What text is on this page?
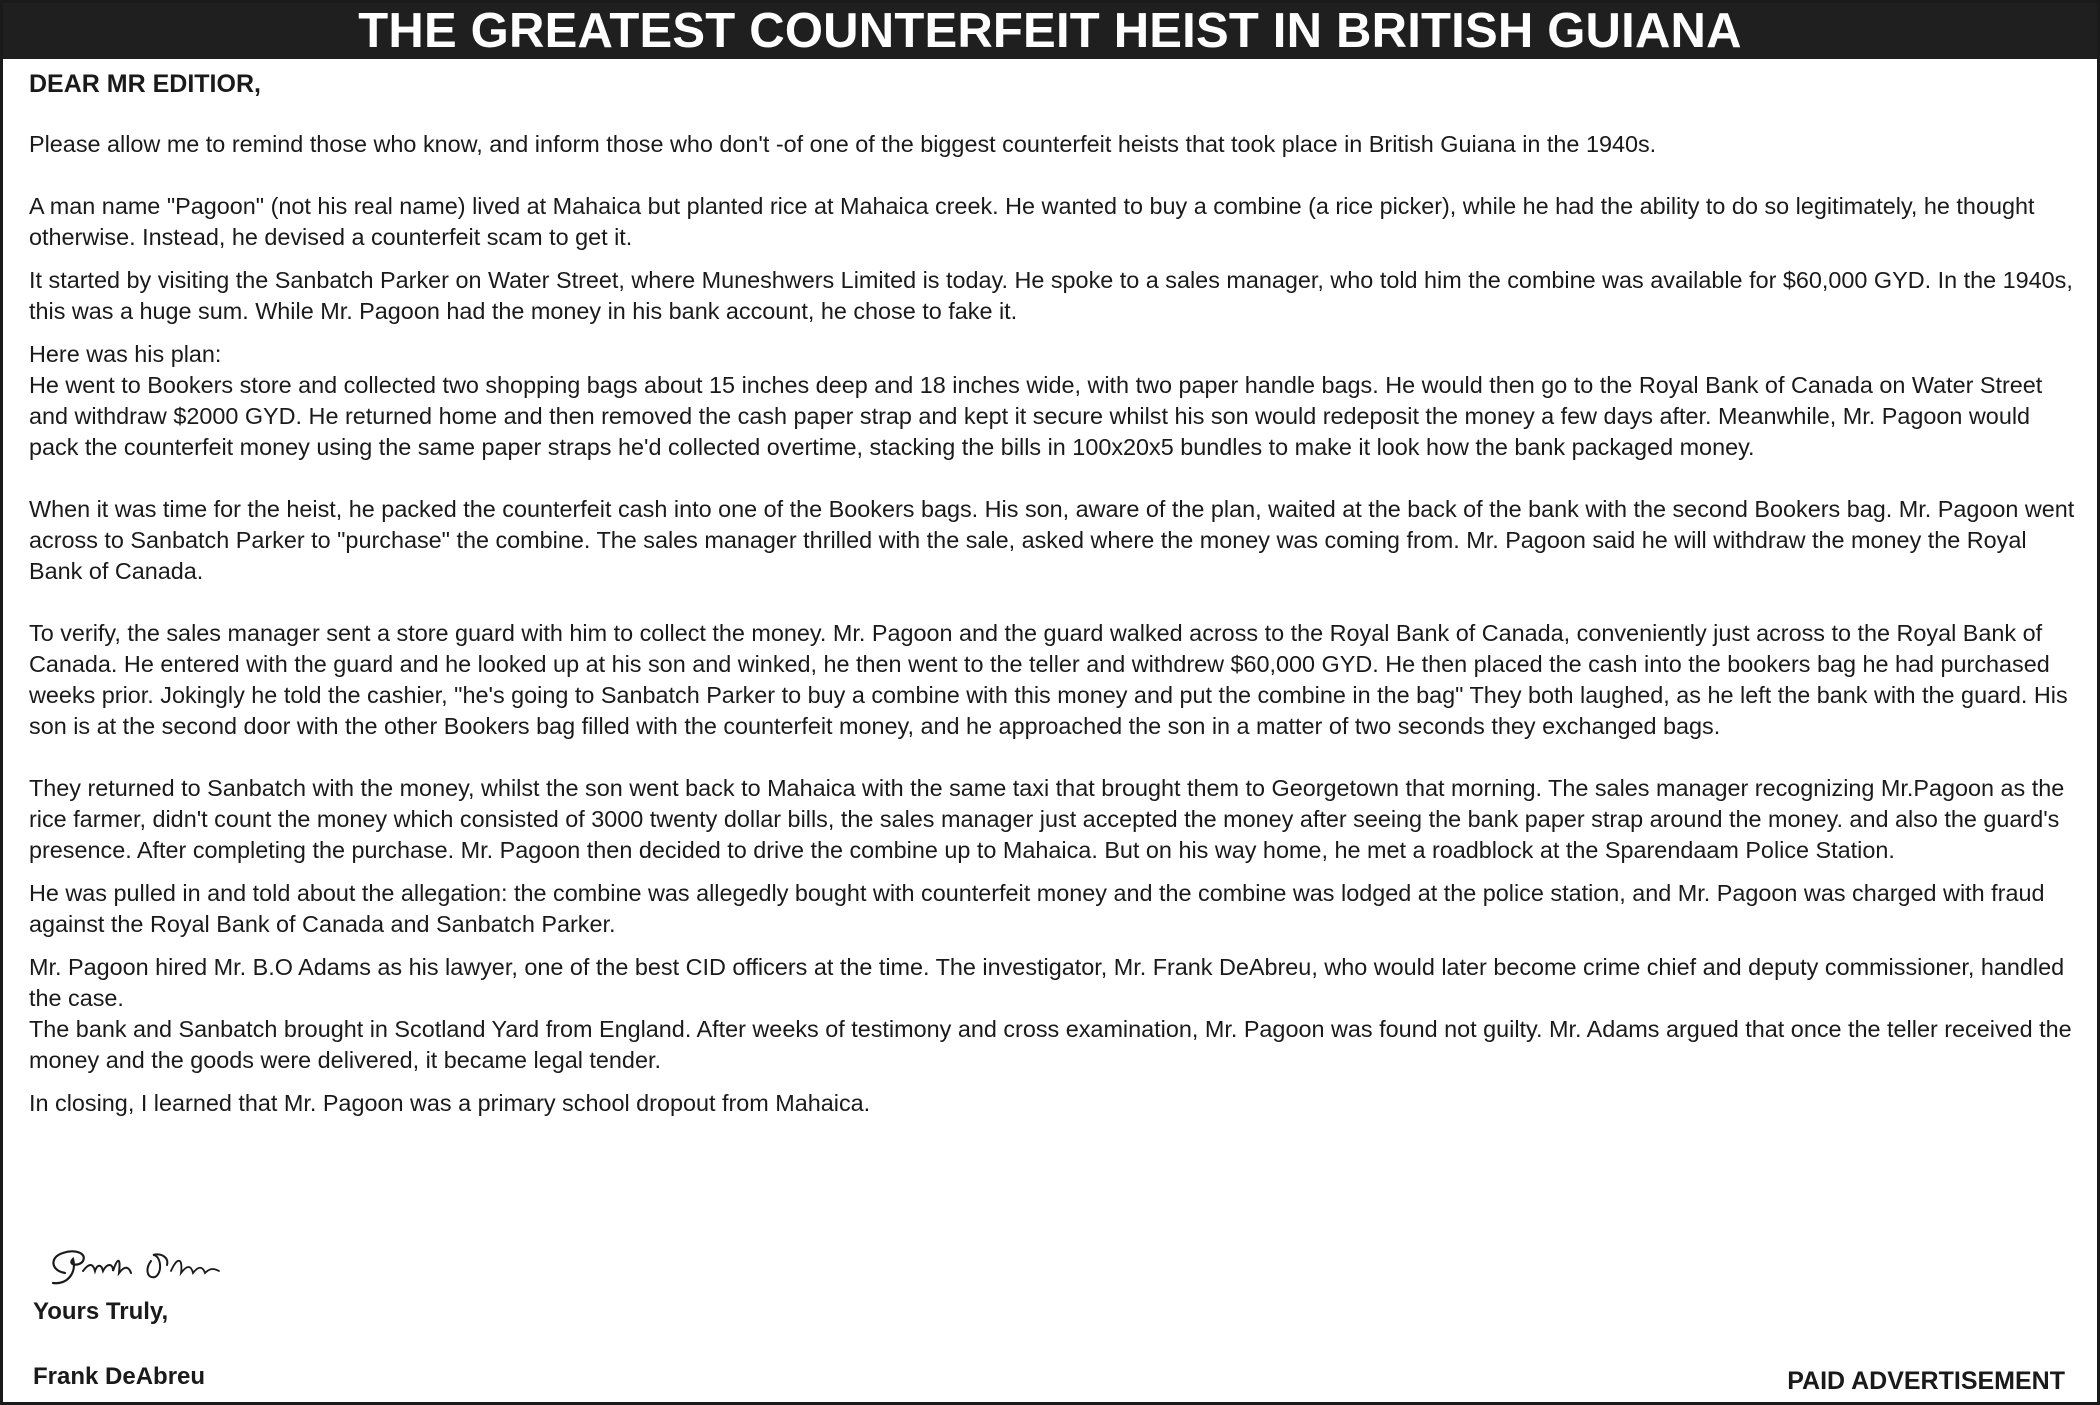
THE GREATEST COUNTERFEIT HEIST IN BRITISH GUIANA

DEAR MR EDITIOR,

Please allow me to remind those who know, and inform those who don't -of one of the biggest counterfeit heists that took place in British Guiana in the 1940s.

A man name "Pagoon" (not his real name) lived at Mahaica but planted rice at Mahaica creek. He wanted to buy a combine (a rice picker), while he had the ability to do so legitimately, he thought otherwise. Instead, he devised a counterfeit scam to get it.

It started by visiting the Sanbatch Parker on Water Street, where Muneshwers Limited is today. He spoke to a sales manager, who told him the combine was available for $60,000 GYD. In the 1940s, this was a huge sum. While Mr. Pagoon had the money in his bank account, he chose to fake it.

Here was his plan:

He went to Bookers store and collected two shopping bags about 15 inches deep and 18 inches wide, with two paper handle bags. He would then go to the Royal Bank of Canada on Water Street and withdraw $2000 GYD. He returned home and then removed the cash paper strap and kept it secure whilst his son would redeposit the money a few days after. Meanwhile, Mr. Pagoon would pack the counterfeit money using the same paper straps he'd collected overtime, stacking the bills in 100x20x5 bundles to make it look how the bank packaged money.

When it was time for the heist, he packed the counterfeit cash into one of the Bookers bags. His son, aware of the plan, waited at the back of the bank with the second Bookers bag. Mr. Pagoon went across to Sanbatch Parker to "purchase" the combine. The sales manager thrilled with the sale, asked where the money was coming from. Mr. Pagoon said he will withdraw the money the Royal Bank of Canada.

To verify, the sales manager sent a store guard with him to collect the money. Mr. Pagoon and the guard walked across to the Royal Bank of Canada, conveniently just across to the Royal Bank of Canada. He entered with the guard and he looked up at his son and winked, he then went to the teller and withdrew $60,000 GYD. He then placed the cash into the bookers bag he had purchased weeks prior. Jokingly he told the cashier, "he's going to Sanbatch Parker to buy a combine with this money and put the combine in the bag" They both laughed, as he left the bank with the guard. His son is at the second door with the other Bookers bag filled with the counterfeit money, and he approached the son in a matter of two seconds they exchanged bags.

They returned to Sanbatch with the money, whilst the son went back to Mahaica with the same taxi that brought them to Georgetown that morning. The sales manager recognizing Mr.Pagoon as the rice farmer, didn't count the money which consisted of 3000 twenty dollar bills, the sales manager just accepted the money after seeing the bank paper strap around the money. and also the guard's presence. After completing the purchase. Mr. Pagoon then decided to drive the combine up to Mahaica. But on his way home, he met a roadblock at the Sparendaam Police Station.

He was pulled in and told about the allegation: the combine was allegedly bought with counterfeit money and the combine was lodged at the police station, and Mr. Pagoon was charged with fraud against the Royal Bank of Canada and Sanbatch Parker.

Mr. Pagoon hired Mr. B.O Adams as his lawyer, one of the best CID officers at the time. The investigator, Mr. Frank DeAbreu, who would later become crime chief and deputy commissioner, handled the case.

The bank and Sanbatch brought in Scotland Yard from England. After weeks of testimony and cross examination, Mr. Pagoon was found not guilty. Mr. Adams argued that once the teller received the money and the goods were delivered, it became legal tender.

In closing, I learned that Mr. Pagoon was a primary school dropout from Mahaica.

Yours Truly,
Frank DeAbreu	PAID ADVERTISEMENT
